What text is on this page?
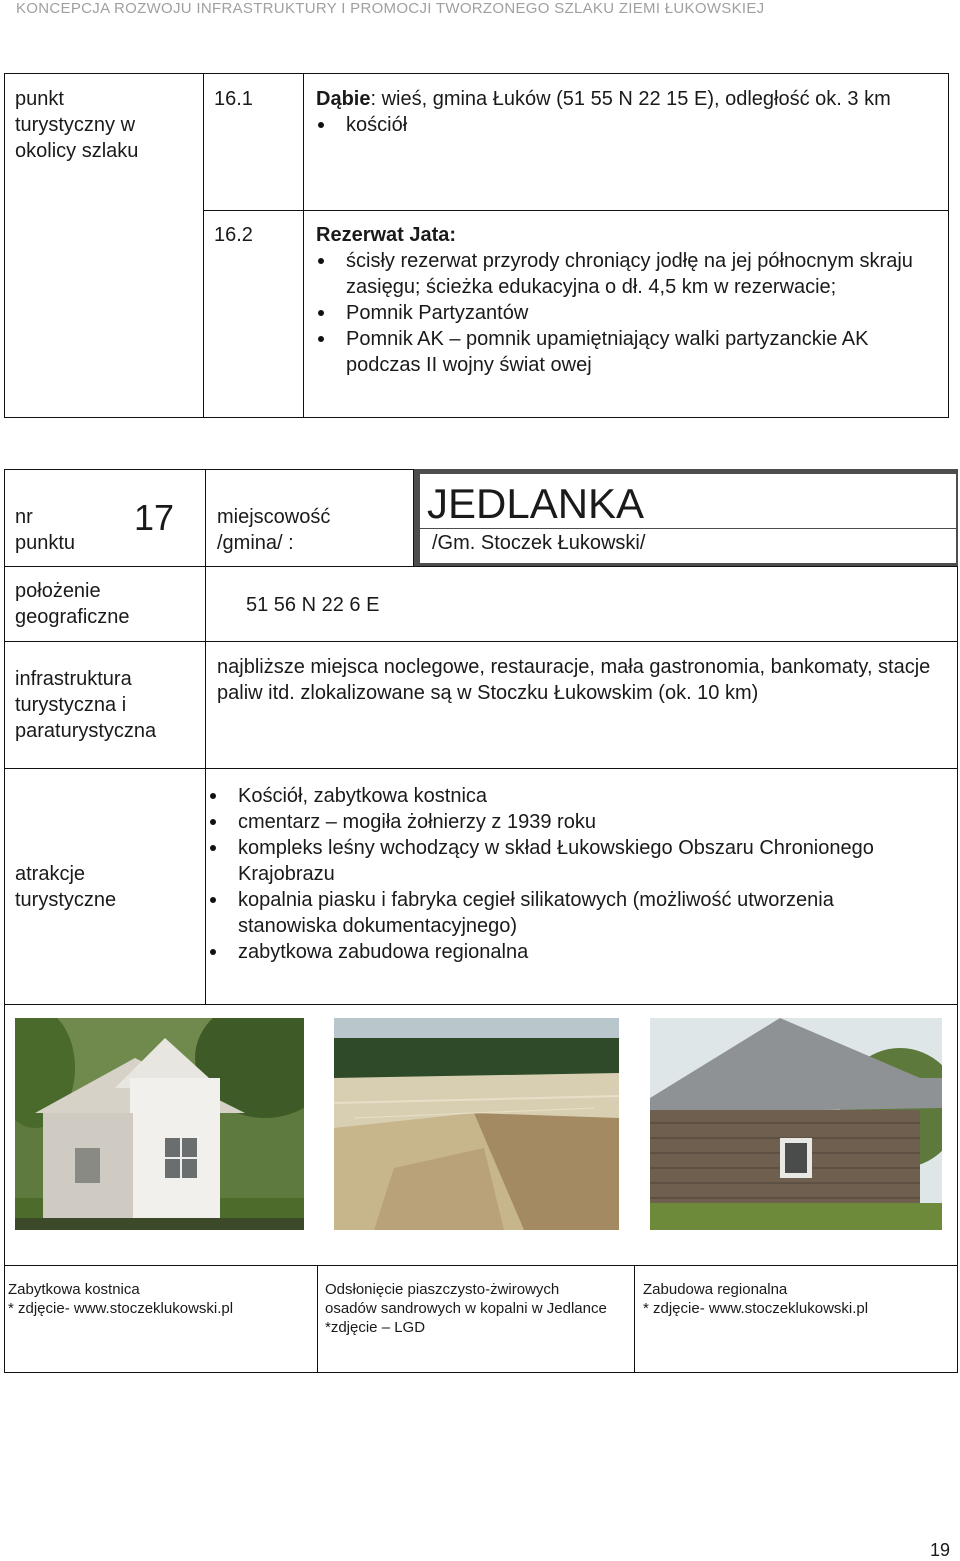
KONCEPCJA ROZWOJU INFRASTRUKTURY I PROMOCJI TWORZONEGO SZLAKU ZIEMI ŁUKOWSKIEJ
punkt turystyczny w okolicy szlaku
16.1	Dąbie: wieś, gmina Łuków (51 55 N 22 15 E), odległość ok. 3 km
kościół
16.2	Rezerwat Jata:
ścisły rezerwat przyrody chroniący jodłę na jej północnym skraju zasięgu; ścieżka edukacyjna o dł. 4,5 km w rezerwacie;
Pomnik Partyzantów
Pomnik AK – pomnik upamiętniający walki partyzanckie AK podczas II wojny świat owej
nr punktu
17 miejscowość /gmina/ :
JEDLANKA
/Gm. Stoczek Łukowski/
położenie geograficzne
51 56 N 22 6 E
infrastruktura turystyczna i paraturystyczna
najbliższe miejsca noclegowe, restauracje, mała gastronomia, bankomaty, stacje paliw itd. zlokalizowane są w Stoczku Łukowskim (ok. 10 km)
atrakcje turystyczne
Kościół, zabytkowa kostnica
cmentarz – mogiła żołnierzy z 1939 roku
kompleks leśny wchodzący w skład Łukowskiego Obszaru Chronionego Krajobrazu
kopalnia piasku i fabryka cegieł silikatowych (możliwość utworzenia stanowiska dokumentacyjnego)
zabytkowa zabudowa regionalna
Zabytkowa kostnica
* zdjęcie- www.stoczeklukowski.pl
Odsłonięcie piaszczysto-żwirowych osadów sandrowych w kopalni w Jedlance
*zdjęcie – LGD
Zabudowa regionalna
* zdjęcie- www.stoczeklukowski.pl
19
